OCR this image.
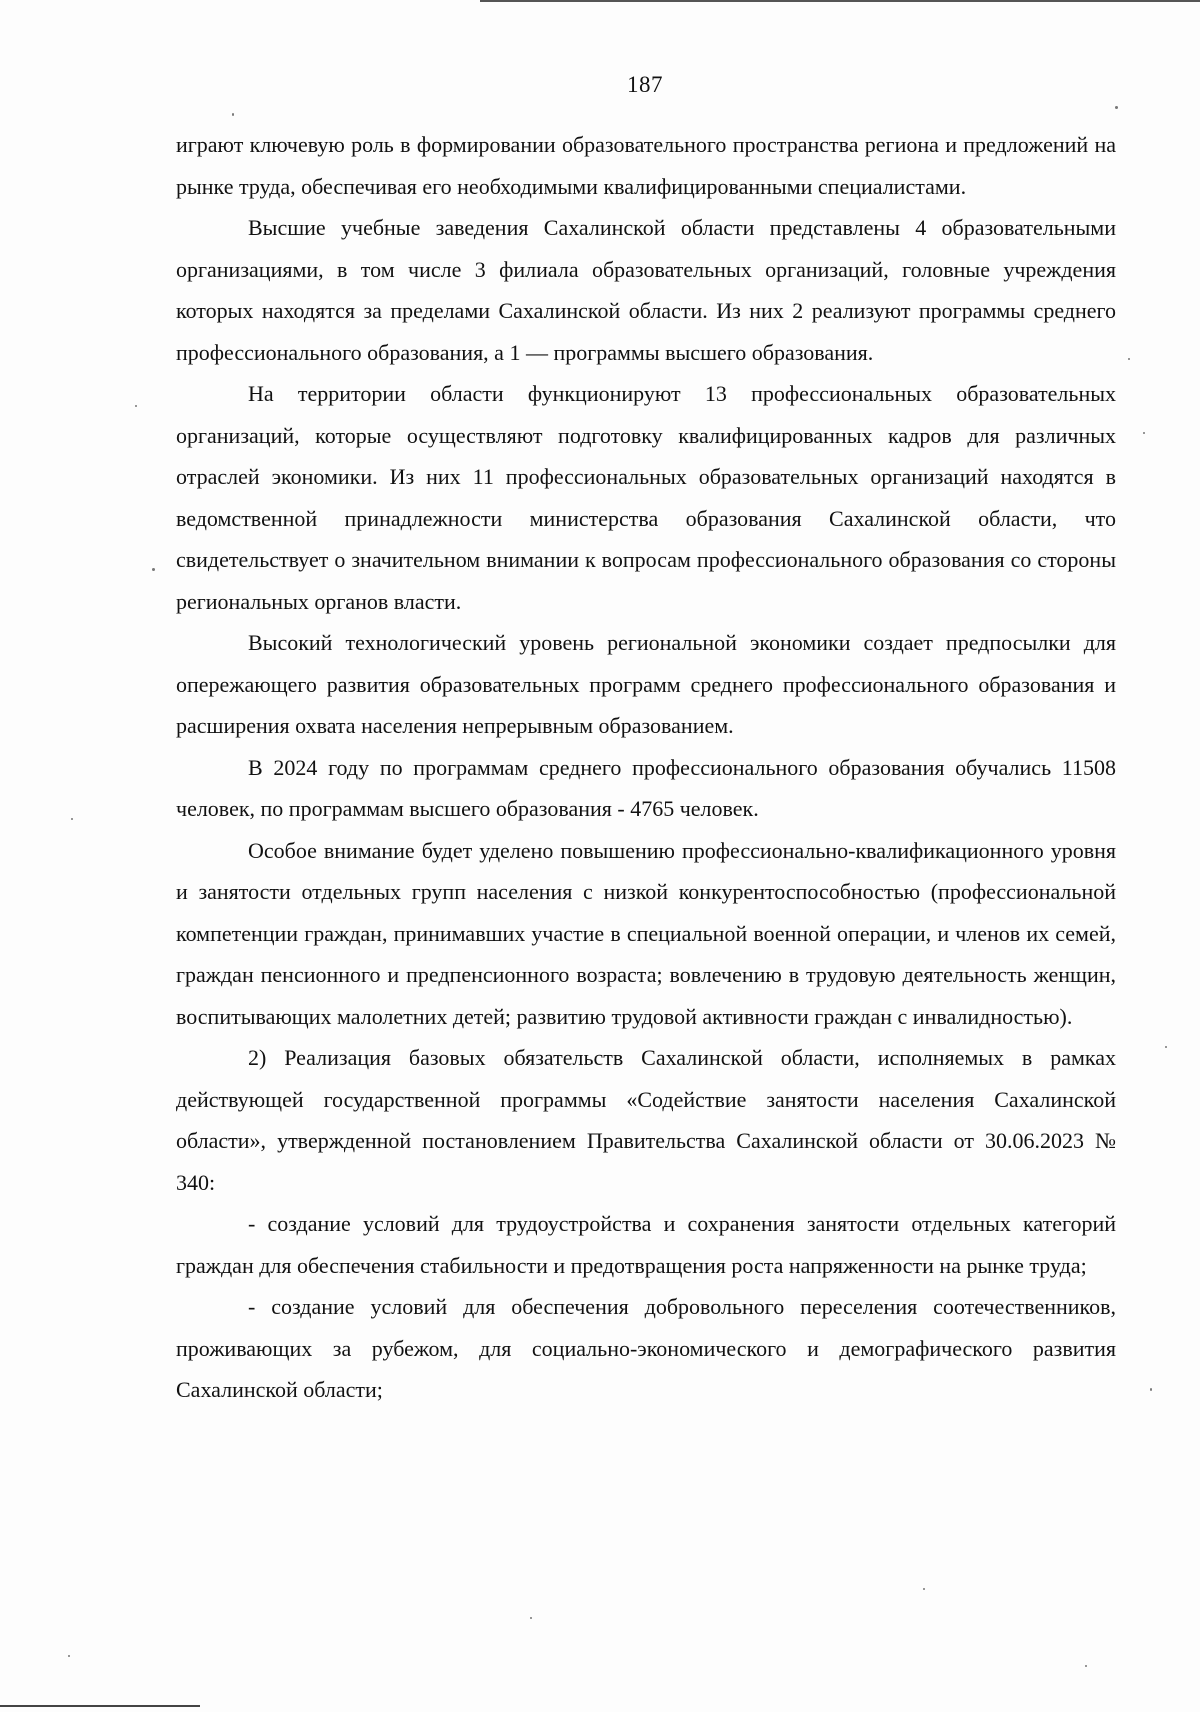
187

играют ключевую роль в формировании образовательного пространства региона и предложений на рынке труда, обеспечивая его необходимыми квалифицированными специалистами.

Высшие учебные заведения Сахалинской области представлены 4 образовательными организациями, в том числе 3 филиала образовательных организаций, головные учреждения которых находятся за пределами Сахалинской области. Из них 2 реализуют программы среднего профессионального образования, а 1 — программы высшего образования.

На территории области функционируют 13 профессиональных образовательных организаций, которые осуществляют подготовку квалифицированных кадров для различных отраслей экономики. Из них 11 профессиональных образовательных организаций находятся в ведомственной принадлежности министерства образования Сахалинской области, что свидетельствует о значительном внимании к вопросам профессионального образования со стороны региональных органов власти.

Высокий технологический уровень региональной экономики создает предпосылки для опережающего развития образовательных программ среднего профессионального образования и расширения охвата населения непрерывным образованием.

В 2024 году по программам среднего профессионального образования обучались 11508 человек, по программам высшего образования - 4765 человек.

Особое внимание будет уделено повышению профессионально-квалификационного уровня и занятости отдельных групп населения с низкой конкурентоспособностью (профессиональной компетенции граждан, принимавших участие в специальной военной операции, и членов их семей, граждан пенсионного и предпенсионного возраста; вовлечению в трудовую деятельность женщин, воспитывающих малолетних детей; развитию трудовой активности граждан с инвалидностью).

2) Реализация базовых обязательств Сахалинской области, исполняемых в рамках действующей государственной программы «Содействие занятости населения Сахалинской области», утвержденной постановлением Правительства Сахалинской области от 30.06.2023 № 340:

- создание условий для трудоустройства и сохранения занятости отдельных категорий граждан для обеспечения стабильности и предотвращения роста напряженности на рынке труда;

- создание условий для обеспечения добровольного переселения соотечественников, проживающих за рубежом, для социально-экономического и демографического развития Сахалинской области;
